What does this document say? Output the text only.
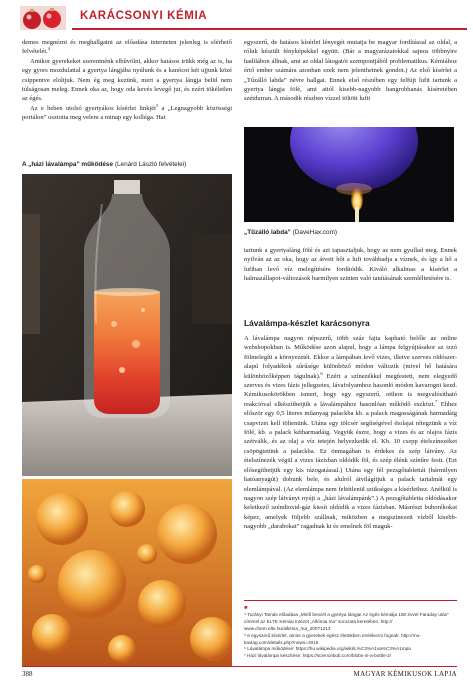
KARÁCSONYI KÉMIA

demes megnézni és meghallgatni az előadása interneten jelenleg is elérhető felvételét.$^4$

Amikor gyerekeket szerentnénk elbűvölni, akkor hatásos trükk még az is, ha egy gyors mozdulattal a gyertya lángjába nyúlunk és a kanócot két ujjunk közé csippentve eloltjuk. Nem ég meg kezünk, mert a gyertya lángja belül nem túlságosan meleg. Ennek oka az, hogy oda kevés levegő jut, és ezért tökéletlen az égés.

Az e heben utolsó gyertyákos kísérlet linkjét$^5$ a „Legnagyobb közösségi portálon” osztotta meg velem a minap egy kolléga. Hat

A „házi lávalámpa” működése (Lenárd László felvételei)

egyszerű, de hatásos kísérlet lényegét mutatja be magyar fordítással az oldal, a róluk készült fényképekkel együtt. (Bár a magyarázatokkal sajnos többnyire hadilábon állnak, ami az oldal látogatói szempontjából problematikus. Kémiához értő ember számára azonban ezek nem jelenthetnek gondot.) Az első kísérlet a „Tűzálló labda” névre hallgat. Ennek első részében egy felfújt lufit tartunk a gyertya lángja fölé, ami attól kisebb-nagyobb hangrobbanás kíséretében szétdurran. A második részben vízzel töltött lufit

„Tűzálló labda” (DaveHax.com)

tartunk a gyertyaláng fölé és azt tapasztaljuk, hogy az nem gyullad meg. Ennek nyilván az az oka, hogy az átvett hőt a lufi továbbadja a víznek, és így a hő a lufiban levő víz melegítésére fordítódik. Kiváló alkalmas a kísérlet a halmazállapot-változások barmilyen szinten való tanításának szemléltetésére is.

Lávalámpa-készlet karácsonyra

A lávalámpa nagyon népszerű, több száz fajta kapható belőle az online webshopokban is. Működése azon alapul, hogy a lámpa felgyújtásakor az izzó fölmelegíti a környezetét. Ekkor a lámpában levő vizes, illetve szerves oldószer-alapú folyadékok sűrűsége különböző módon változik (mivel hő hatására különbözőképpen tágulnak).$^6$ Ezért a színezékkel megfestett, nem elegyedő szerves és vizes fázis jellegzetes, lávafolyamhoz hasonló módon kavarogni kezd. Kémikusokörökben ismert, hogy egy egyszerű, otthon is megvalósítható reakcióval elkészíthetjük a lávalámpához hasonlóan működő eszközt.$^7$ Ehhez először egy 0,5 literes műanyag palackba kb. a palack magasságának harmadáig csapvizet kell töltenünk. Utána egy tölcsér segítségével étolajat rétegzünk a víz fölé, kb. a palack kétharmadáig. Vegyük észre, hogy a vizes és az olajos fázis szétválik, és az olaj a víz tetején helyezkedik el. Kb. 10 csepp ételszínezéket csöpögtetünk a palackba. Ez önmagában is érdekes és szép látvány. Az ételszínezék végül a vizes fázisban oldódik föl, és szép élénk színűre festi. (Ezt elősegíthetjük egy kis rázogatással.) Utána egy fél pezsgőtablettát (bármilyen hatóanyagút) dobunk bele, és alulról átvilágítjuk a palack tartalmát egy elemlámpával. (Az elemlámpa nem feltétlenül szükséges a kísérlethez. Anélkül is nagyon szép látványt nyújt a „házi lávalámpánk”.) A pezsgőtabletta oldódásakor keletkező széndioxid-gáz kiesít oldódik a vizes fázisban. Másrészt buborékokat képez, amelyek följebb szállnak, miközben a megszínezett vízből kisebb-nagyobb „darabokat” ragadnak ki és emelnek föl maguk-

✱
⁴ Turányi Tamás előadása „Miről beszél a gyertya lángja! Az égés kémiája 150 évvel Faraday után” címmel az ELTE Kémiai Intézet „Alkímia ma” sorozata keretében. http:// www.chem.elte.hu/alkimia_ma_20071213
⁵ 6 egyszerű kísérlet, amire a gyerekek egész életükben emlékezni fognak: http://mo-kavlag.com/details.php?news=3015
⁶ Lávalámpa működése: https://hu.wikipedia.org/wiki/L%C3%A1va%C3%A1mpa
⁷ Házi lávalámpa készítése: https://sciencebob.com/blobs-in-a-bottle-2/
388	MAGYAR KÉMIKUSOK LAPJA
